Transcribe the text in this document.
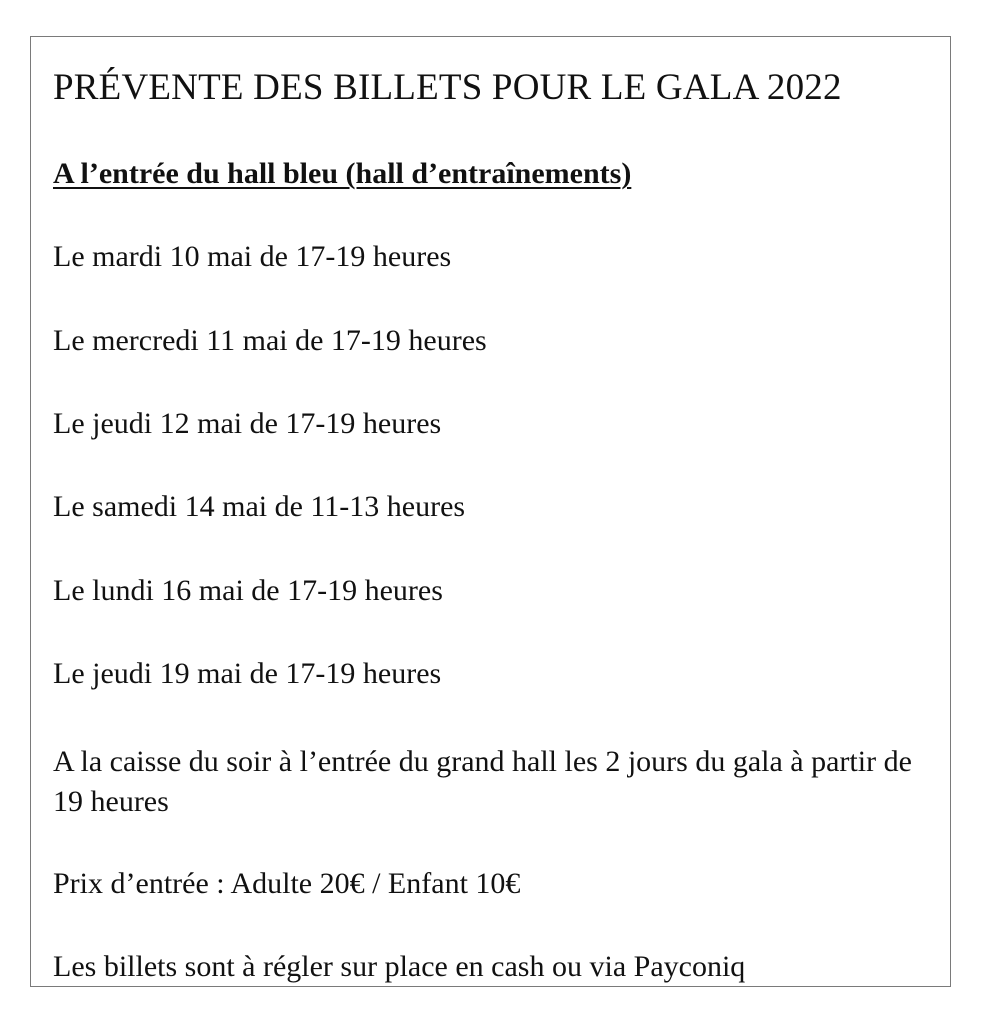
PRÉVENTE DES BILLETS POUR LE GALA 2022

A l’entrée du hall bleu (hall d’entraînements)

Le mardi 10 mai de 17-19 heures

Le mercredi 11 mai de 17-19 heures

Le jeudi 12 mai de 17-19 heures

Le samedi 14 mai de 11-13 heures

Le lundi 16 mai de 17-19 heures

Le jeudi 19 mai de 17-19 heures

A la caisse du soir à l’entrée du grand hall les 2 jours du gala à partir de 19 heures

Prix d’entrée : Adulte 20€ / Enfant 10€

Les billets sont à régler sur place en cash ou via Payconiq
